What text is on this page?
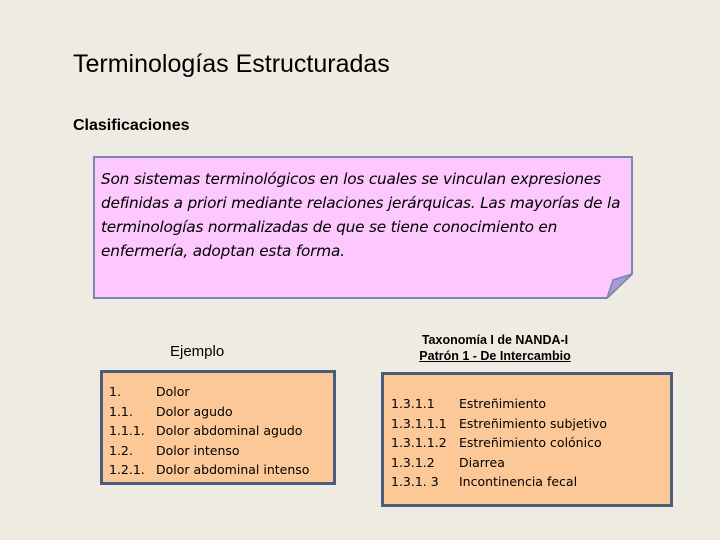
Terminologías Estructuradas
Clasificaciones
Son sistemas terminológicos en los cuales se vinculan expresiones definidas a priori mediante relaciones jerárquicas. Las mayorías de la terminologías normalizadas de que se tiene conocimiento en enfermería, adoptan esta forma.
Ejemplo
1.	Dolor
1.1. Dolor agudo
1.1.1. Dolor abdominal agudo
1.2. Dolor intenso
1.2.1. Dolor abdominal intenso
Taxonomía I de NANDA-I
Patrón 1 - De Intercambio
1.3.1.1 Estreñimiento
1.3.1.1.1 Estreñimiento subjetivo
1.3.1.1.2 Estreñimiento colónico
1.3.1.2 Diarrea
1.3.1. 3 Incontinencia fecal
